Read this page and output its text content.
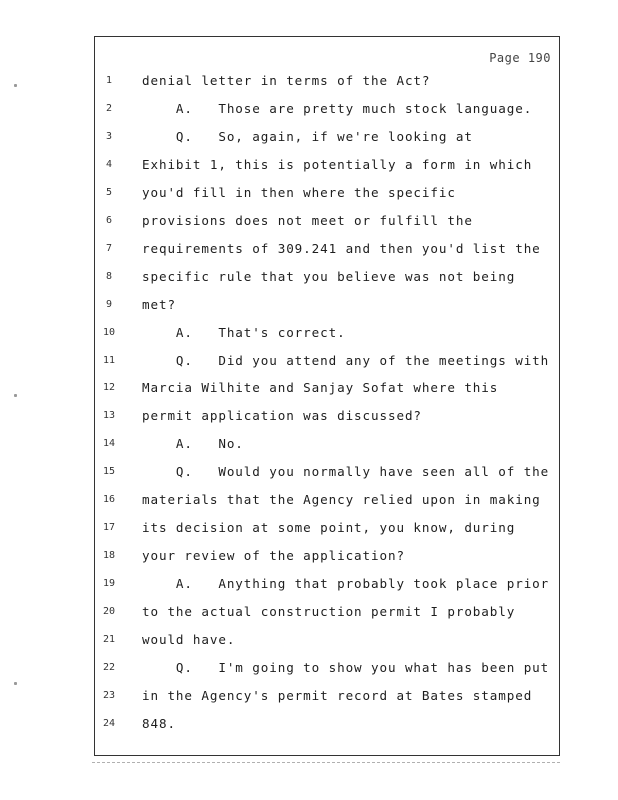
Page 190
1	denial letter in terms of the Act?
2	A.   Those are pretty much stock language.
3	Q.   So, again, if we're looking at
4	Exhibit 1, this is potentially a form in which
5	you'd fill in then where the specific
6	provisions does not meet or fulfill the
7	requirements of 309.241 and then you'd list the
8	specific rule that you believe was not being
9	met?
10	A.   That's correct.
11	Q.   Did you attend any of the meetings with
12	Marcia Wilhite and Sanjay Sofat where this
13	permit application was discussed?
14	A.   No.
15	Q.   Would you normally have seen all of the
16	materials that the Agency relied upon in making
17	its decision at some point, you know, during
18	your review of the application?
19	A.   Anything that probably took place prior
20	to the actual construction permit I probably
21	would have.
22	Q.   I'm going to show you what has been put
23	in the Agency's permit record at Bates stamped
24	848.
